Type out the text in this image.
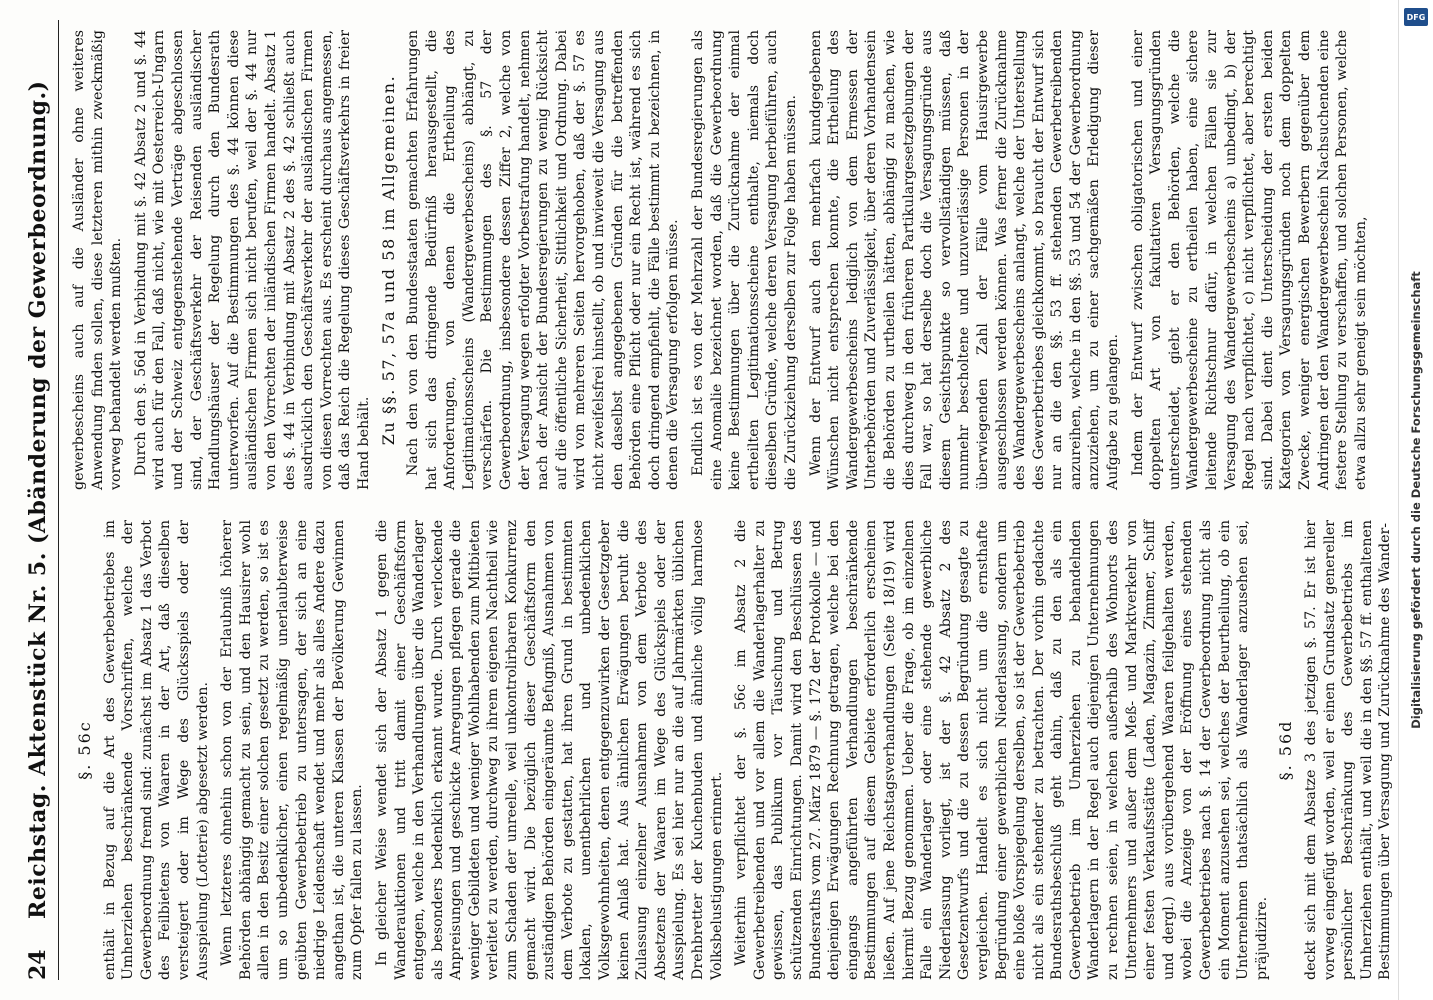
24
Reichstag. Aktenstück Nr. 5. (Abänderung der Gewerbeordnung.) §. 56c enthält in Bezug auf die Art des Gewerbebetriebes im Umherziehen beschränkende Vorschriften, welche der Gewerbeordnung fremd sind: zunächst im Absatz 1 das Verbot des Feilbietens von Waaren in der Art, daß dieselben versteigert oder im Wege des Glücksspiels oder der Ausspielung (Lotterie) abgesetzt werden. Wenn letzteres ohnehin schon von der Erlaubniß höherer Behörden abhängig gemacht zu sein, und den Hausirer wohl allen in den Besitz einer solchen gesetzt zu werden, so ist es um so unbedenklicher, einen regelmäßig unerlaubterweise geübten Gewerbebetrieb zu untersagen, der sich an eine niedrige Leidenschaft wendet und mehr als alles Andere dazu angethan ist, die unteren Klassen der Bevölkerung Gewinnen zum Opfer fallen zu lassen. In gleicher Weise wendet sich der Absatz 1 gegen die Wanderauktionen und tritt damit einer Geschäftsform entgegen, welche in den Verhandlungen über die Wanderlager als besonders bedenklich erkannt wurde. Durch verlockende Anpreisungen und geschickte Anregungen pflegen gerade die weniger Gebildeten und weniger Wohlhabenden zum Mitbieten verleitet zu werden, durchweg zu ihrem eigenen Nachtheil wie zum Schaden der unreelle, weil unkontrolirbaren Konkurrenz gemacht wird. Die bezüglich dieser Geschäftsform den zuständigen Behörden eingeräumte Befugniß, Ausnahmen von dem Verbote zu gestatten, hat ihren Grund in bestimmten lokalen, unentbehrlichen und unbedenklichen Volksgewohnheiten, denen entgegenzuwirken der Gesetzgeber keinen Anlaß hat. Aus ähnlichen Erwägungen beruht die Zulassung einzelner Ausnahmen von dem Verbote des Absetzens der Waaren im Wege des Glückspiels oder der Ausspielung. Es sei hier nur an die auf Jahrmärkten üblichen Drehbretter der Kuchenbuden und ähnliche völlig harmlose Volksbelustigungen erinnert. Weiterhin verpflichtet der §. 56c im Absatz 2 die Gewerbetreibenden und vor allem die Wanderlagerhalter zu gewissen, das Publikum vor Täuschung und Betrug schützenden Einrichtungen. Damit wird den Beschlüssen des Bundesraths vom 27. März 1879 — §. 172 der Protokolle — und denjenigen Erwägungen Rechnung getragen, welche bei den eingangs angeführten Verhandlungen beschränkende Bestimmungen auf diesem Gebiete erforderlich erscheinen ließen. Auf jene Reichstagsverhandlungen (Seite 18/19) wird hiermit Bezug genommen. Ueber die Frage, ob im einzelnen Falle ein Wanderlager oder eine stehende gewerbliche Niederlassung vorliegt, ist der §. 42 Absatz 2 des Gesetzentwurfs und die zu dessen Begründung gesagte zu vergleichen. Handelt es sich nicht um die ernsthafte Begründung einer gewerblichen Niederlassung, sondern um eine bloße Vorspiegelung derselben, so ist der Gewerbebetrieb nicht als ein stehender zu betrachten. Der vorhin gedachte Bundesrathsbeschluß geht dahin, daß zu den als ein Gewerbebetrieb im Umherziehen zu behandelnden Wanderlagern in der Regel auch diejenigen Unternehmungen zu rechnen seien, in welchen außerhalb des Wohnorts des Unternehmers und außer dem Meß- und Marktverkehr von einer festen Verkaufsstätte (Laden, Magazin, Zimmer, Schiff und dergl.) aus vorübergehend Waaren feilgehalten werden, wobei die Anzeige von der Eröffnung eines stehenden Gewerbebetriebes nach §. 14 der Gewerbeordnung nicht als ein Moment anzusehen sei, welches der Beurtheilung, ob ein Unternehmen thatsächlich als Wanderlager anzusehen sei, präjudizire.

§. 56d deckt sich mit dem Absatze 3 des jetzigen §. 57. Er ist hier vorweg eingefügt worden, weil er einen Grundsatz genereller persönlicher Beschränkung des Gewerbebetriebs im Umherziehen enthält, und weil die in den §§. 57 ff. enthaltenen Bestimmungen über Versagung und Zurücknahme des Wander-

gewerbescheins auch auf die Ausländer ohne weiteres Anwendung finden sollen, diese letzteren mithin zweckmäßig vorweg behandelt werden mußten. Durch den §. 56d in Verbindung mit §. 42 Absatz 2 und §. 44 wird auch für den Fall, daß nicht, wie mit Oesterreich-Ungarn und der Schweiz entgegenstehende Verträge abgeschlossen sind, der Geschäftsverkehr der Reisenden ausländischer Handlungshäuser der Regelung durch den Bundesrath unterworfen. Auf die Bestimmungen des §. 44 können diese ausländischen Firmen sich nicht berufen, weil der §. 44 nur von den Vorrechten der inländischen Firmen handelt. Absatz 1 des §. 44 in Verbindung mit Absatz 2 des §. 42 schließt auch ausdrücklich den Geschäftsverkehr der ausländischen Firmen von diesen Vorrechten aus. Es erscheint durchaus angemessen, daß das Reich die Regelung dieses Geschäftsverkehrs in freier Hand behält. Zu §§. 57, 57a und 58 im Allgemeinen. Nach den von den Bundesstaaten gemachten Erfahrungen hat sich das dringende Bedürfniß herausgestellt, die Anforderungen, von denen die Ertheilung des Legitimationsscheins (Wandergewerbescheins) abhängt, zu verschärfen. Die Bestimmungen des §. 57 der Gewerbeordnung, insbesondere dessen Ziffer 2, welche von der Versagung wegen erfolgter Vorbestrafung handelt, nehmen nach der Ansicht der Bundesregierungen zu wenig Rücksicht auf die öffentliche Sicherheit, Sittlichkeit und Ordnung. Dabei wird von mehreren Seiten hervorgehoben, daß der §. 57 es nicht zweifelsfrei hinstellt, ob und inwieweit die Versagung aus den daselbst angegebenen Gründen für die betreffenden Behörden eine Pflicht oder nur ein Recht ist, während es sich doch dringend empfiehlt, die Fälle bestimmt zu bezeichnen, in denen die Versagung erfolgen müsse. Endlich ist es von der Mehrzahl der Bundesregierungen als eine Anomalie bezeichnet worden, daß die Gewerbeordnung keine Bestimmungen über die Zurücknahme der einmal ertheilten Legitimationsscheine enthalte, niemals doch dieselben Gründe, welche deren Versagung herbeiführen, auch die Zurückziehung derselben zur Folge haben müssen. Wenn der Entwurf auch den mehrfach kundgegebenen Wünschen nicht entsprechen konnte, die Ertheilung des Wandergewerbescheins lediglich von dem Ermessen der Unterbehörden und Zuverlässigkeit, über deren Vorhandensein die Behörden zu urtheilen hätten, abhängig zu machen, wie dies durchweg in den früheren Partikulargesetzgebungen der Fall war, so hat derselbe doch die Versagungsgründe aus diesem Gesichtspunkte so vervollständigen müssen, daß nunmehr bescholtene und unzuverlässige Personen in der überwiegenden Zahl der Fälle vom Hausirgewerbe ausgeschlossen werden können. Was ferner die Zurücknahme des Wandergewerbescheins anlangt, welche der Unterstellung des Gewerbetriebes gleichkommt, so braucht der Entwurf sich nur an die den §§. 53 ff. stehenden Gewerbetreibenden anzureihen, welche in den §§. 53 und 54 der Gewerbeordnung anzuziehen, um zu einer sachgemäßen Erledigung dieser Aufgabe zu gelangen. Indem der Entwurf zwischen obligatorischen und einer doppelten Art von fakultativen Versagungsgründen unterscheidet, giebt er den Behörden, welche die Wandergewerbescheine zu ertheilen haben, eine sichere leitende Richtschnur dafür, in welchen Fällen sie zur Versagung des Wandergewerbescheins a) unbedingt, b) der Regel nach verpflichtet, c) nicht verpflichtet, aber berechtigt sind. Dabei dient die Unterscheidung der ersten beiden Kategorien von Versagungsgründen noch dem doppelten Zwecke, weniger energischen Bewerbern gegenüber dem Andringen der den Wandergewerbeschein Nachsuchenden eine festere Stellung zu verschaffen, und solchen Personen, welche etwa allzu sehr geneigt sein möchten,

DFG
Digitalisierung gefördert durch die Deutsche Forschungsgemeinschaft
